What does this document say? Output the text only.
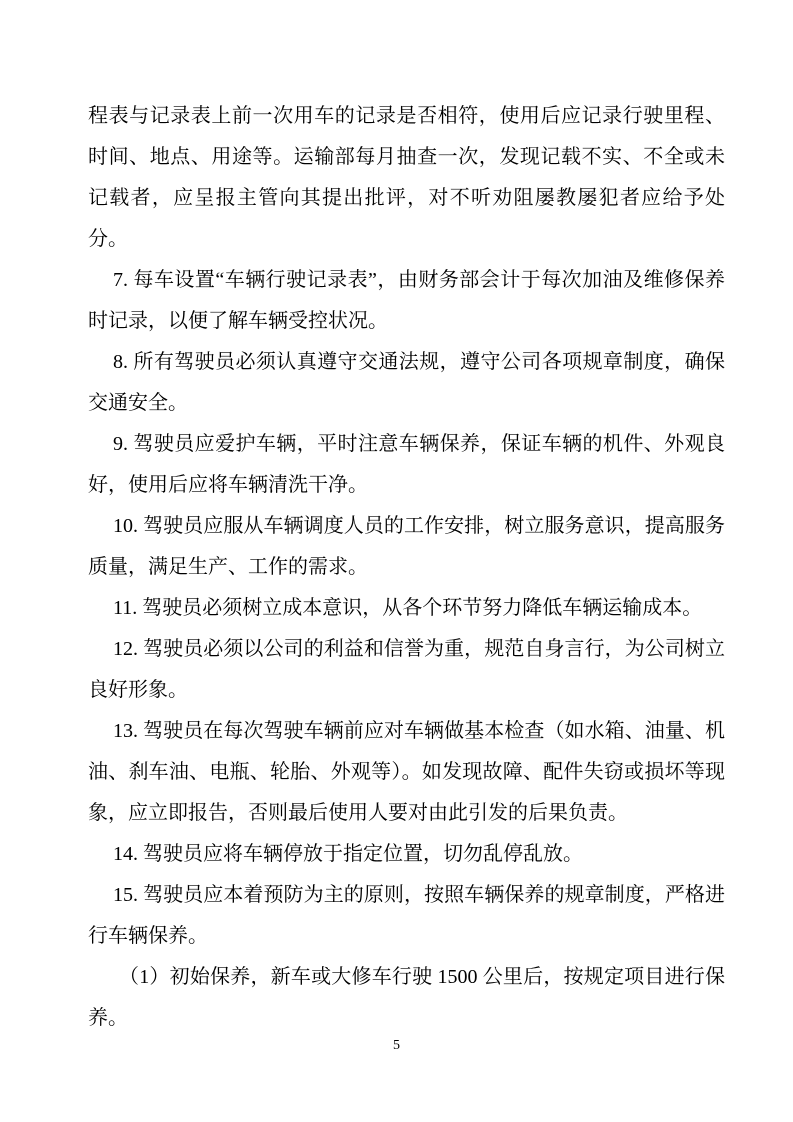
程表与记录表上前一次用车的记录是否相符，使用后应记录行驶里程、时间、地点、用途等。运输部每月抽查一次，发现记载不实、不全或未记载者，应呈报主管向其提出批评，对不听劝阻屡教屡犯者应给予处分。

7. 每车设置“车辆行驶记录表”，由财务部会计于每次加油及维修保养时记录，以便了解车辆受控状况。

8. 所有驾驶员必须认真遵守交通法规，遵守公司各项规章制度，确保交通安全。

9. 驾驶员应爱护车辆，平时注意车辆保养，保证车辆的机件、外观良好，使用后应将车辆清洗干净。

10. 驾驶员应服从车辆调度人员的工作安排，树立服务意识，提高服务质量，满足生产、工作的需求。

11. 驾驶员必须树立成本意识，从各个环节努力降低车辆运输成本。

12. 驾驶员必须以公司的利益和信誉为重，规范自身言行，为公司树立良好形象。

13. 驾驶员在每次驾驶车辆前应对车辆做基本检查（如水箱、油量、机油、刹车油、电瓶、轮胎、外观等）。如发现故障、配件失窃或损坏等现象，应立即报告，否则最后使用人要对由此引发的后果负责。

14. 驾驶员应将车辆停放于指定位置，切勿乱停乱放。

15. 驾驶员应本着预防为主的原则，按照车辆保养的规章制度，严格进行车辆保养。

（1）初始保养，新车或大修车行驶 1500 公里后，按规定项目进行保养。

5
